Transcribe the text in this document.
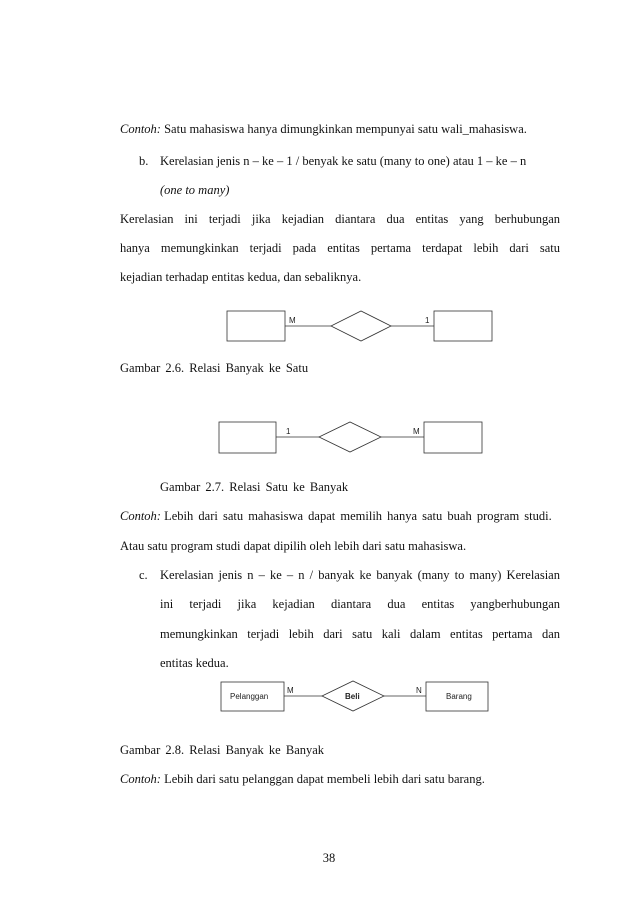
Contoh: Satu mahasiswa hanya dimungkinkan mempunyai satu wali_mahasiswa.
b. Kerelasian jenis n – ke – 1 / benyak ke satu (many to one) atau 1 – ke – n
(one to many)
Kerelasian ini terjadi jika kejadian diantara dua entitas yang berhubungan
hanya memungkinkan terjadi pada entitas pertama terdapat lebih dari satu
kejadian terhadap entitas kedua, dan sebaliknya.
M	1
1	M
Pelanggan	Beli	Barang
M	N
Gambar 2.6. Relasi Banyak ke Satu
Gambar 2.7. Relasi Satu ke Banyak
Contoh: Lebih dari satu mahasiswa dapat memilih hanya satu buah program studi.
Atau satu program studi dapat dipilih oleh lebih dari satu mahasiswa.
c. Kerelasian jenis n – ke – n / banyak ke banyak (many to many) Kerelasian
ini terjadi jika kejadian diantara dua entitas yangberhubungan
memungkinkan terjadi lebih dari satu kali dalam entitas pertama dan
entitas kedua.
Gambar 2.8. Relasi Banyak ke Banyak
Contoh: Lebih dari satu pelanggan dapat membeli lebih dari satu barang.
38
